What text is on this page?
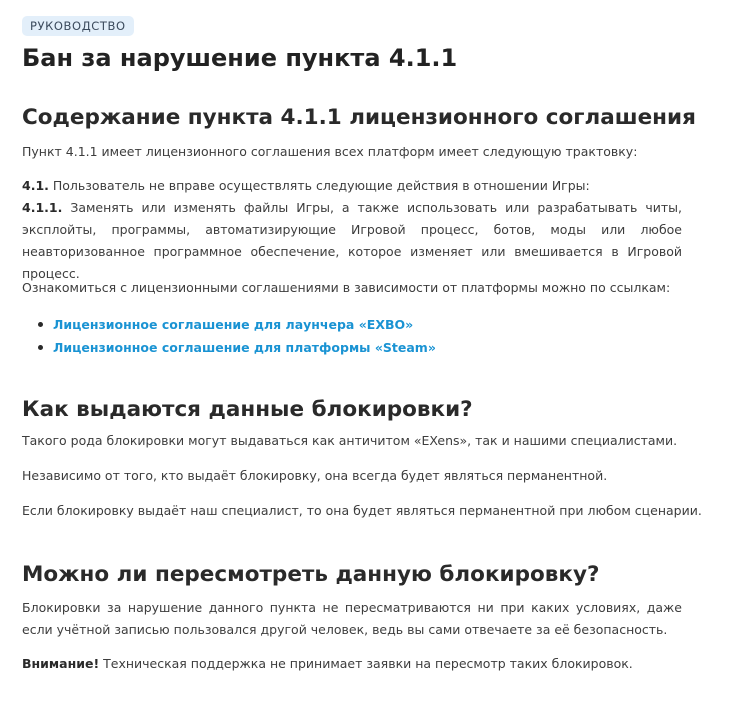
РУКОВОДСТВО
Бан за нарушение пункта 4.1.1
Содержание пункта 4.1.1 лицензионного соглашения

Пункт 4.1.1 имеет лицензионного соглашения всех платформ имеет следующую трактовку:

4.1. Пользователь не вправе осуществлять следующие действия в отношении Игры:

4.1.1. Заменять или изменять файлы Игры, а также использовать или разрабатывать читы, эксплойты, программы, автоматизирующие Игровой процесс, ботов, моды или любое неавторизованное программное обеспечение, которое изменяет или вмешивается в Игровой процесс.

Ознакомиться с лицензионными соглашениями в зависимости от платформы можно по ссылкам:

Лицензионное соглашение для лаунчера «EXBO»
Лицензионное соглашение для платформы «Steam»
Как выдаются данные блокировки?

Такого рода блокировки могут выдаваться как античитом «EXens», так и нашими специалистами.

Независимо от того, кто выдаёт блокировку, она всегда будет являться перманентной.

Если блокировку выдаёт наш специалист, то она будет являться перманентной при любом сценарии.

Можно ли пересмотреть данную блокировку?

Блокировки за нарушение данного пункта не пересматриваются ни при каких условиях, даже если учётной записью пользовался другой человек, ведь вы сами отвечаете за её безопасность.

Внимание! Техническая поддержка не принимает заявки на пересмотр таких блокировок.
